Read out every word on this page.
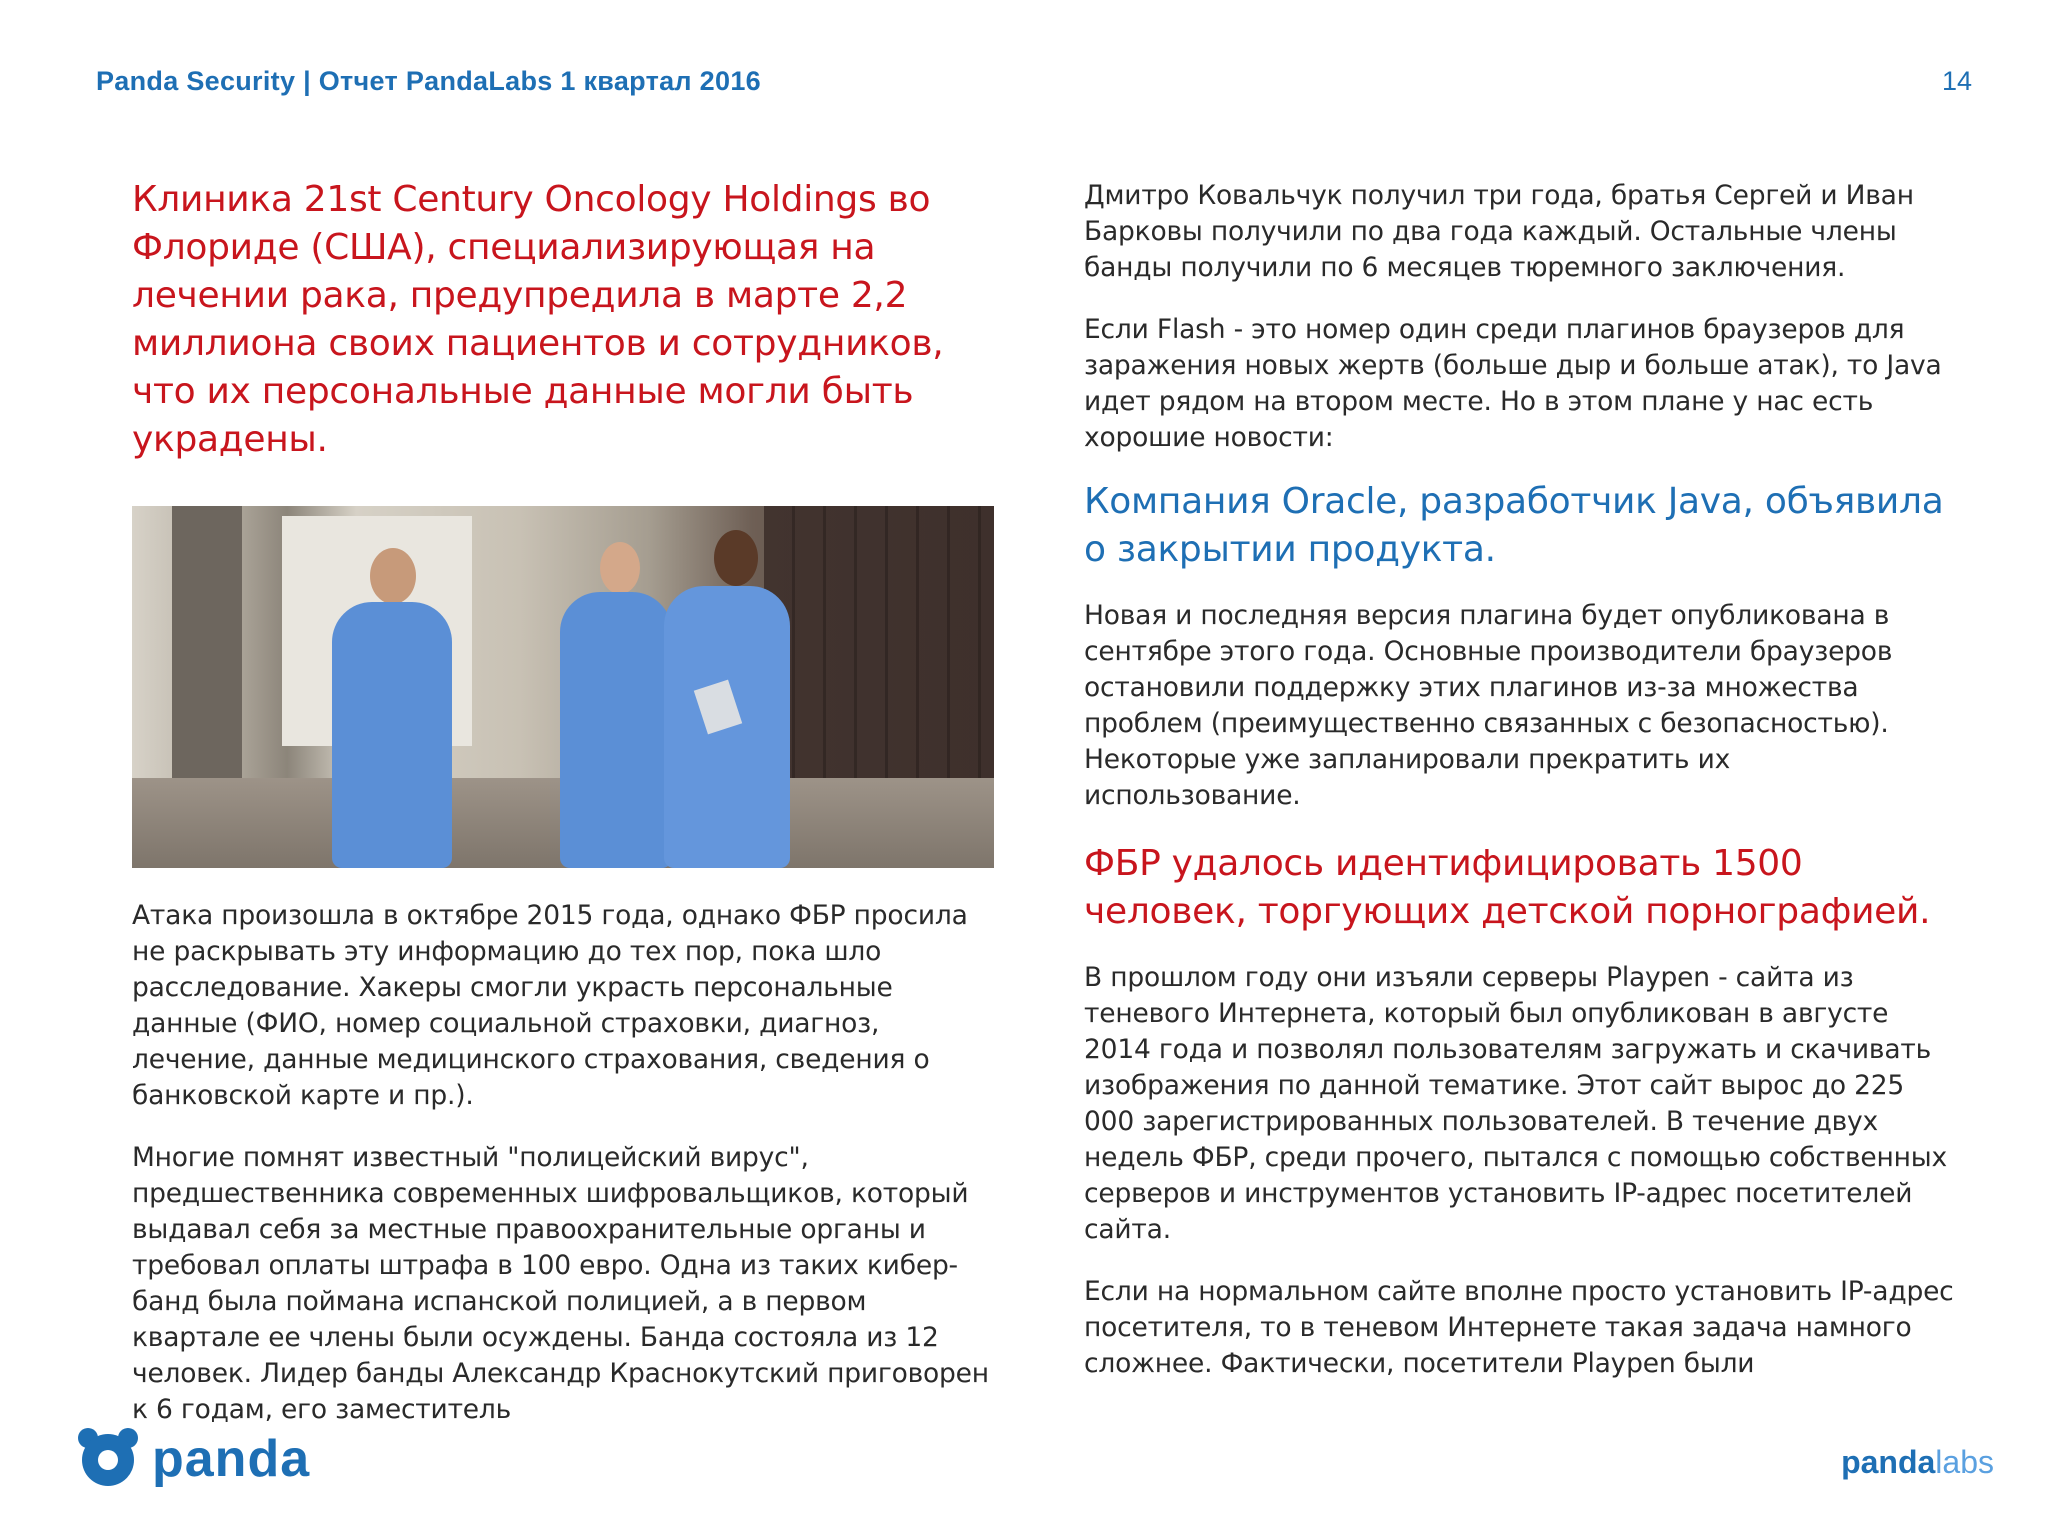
Panda Security | Отчет PandaLabs 1 квартал 2016	14

Клиника 21st Century Oncology Holdings во Флориде (США), специализирующая на лечении рака, предупредила в марте 2,2 миллиона своих пациентов и сотрудников, что их персональные данные могли быть украдены.

Атака произошла в октябре 2015 года, однако ФБР просила не раскрывать эту информацию до тех пор, пока шло расследование. Хакеры смогли украсть персональные данные (ФИО, номер социальной страховки, диагноз, лечение, данные медицинского страхования, сведения о банковской карте и пр.).

Многие помнят известный "полицейский вирус", предшественника современных шифровальщиков, который выдавал себя за местные правоохранительные органы и требовал оплаты штрафа в 100 евро. Одна из таких кибер-банд была поймана испанской полицией, а в первом квартале ее члены были осуждены. Банда состояла из 12 человек. Лидер банды Александр Краснокутский приговорен к 6 годам, его заместитель

Дмитро Ковальчук получил три года, братья Сергей и Иван Барковы получили по два года каждый. Остальные члены банды получили по 6 месяцев тюремного заключения.

Если Flash - это номер один среди плагинов браузеров для заражения новых жертв (больше дыр и больше атак), то Java идет рядом на втором месте. Но в этом плане у нас есть хорошие новости:

Компания Oracle, разработчик Java, объявила о закрытии продукта.

Новая и последняя версия плагина будет опубликована в сентябре этого года. Основные производители браузеров остановили поддержку этих плагинов из-за множества проблем (преимущественно связанных с безопасностью). Некоторые уже запланировали прекратить их использование.

ФБР удалось идентифицировать 1500 человек, торгующих детской порнографией.

В прошлом году они изъяли серверы Playpen - сайта из теневого Интернета, который был опубликован в августе 2014 года и позволял пользователям загружать и скачивать изображения по данной тематике. Этот сайт вырос до 225 000 зарегистрированных пользователей. В течение двух недель ФБР, среди прочего, пытался с помощью собственных серверов и инструментов установить IP-адрес посетителей сайта.

Если на нормальном сайте вполне просто установить IP-адрес посетителя, то в теневом Интернете такая задача намного сложнее. Фактически, посетители Playpen были

panda	pandalabs
